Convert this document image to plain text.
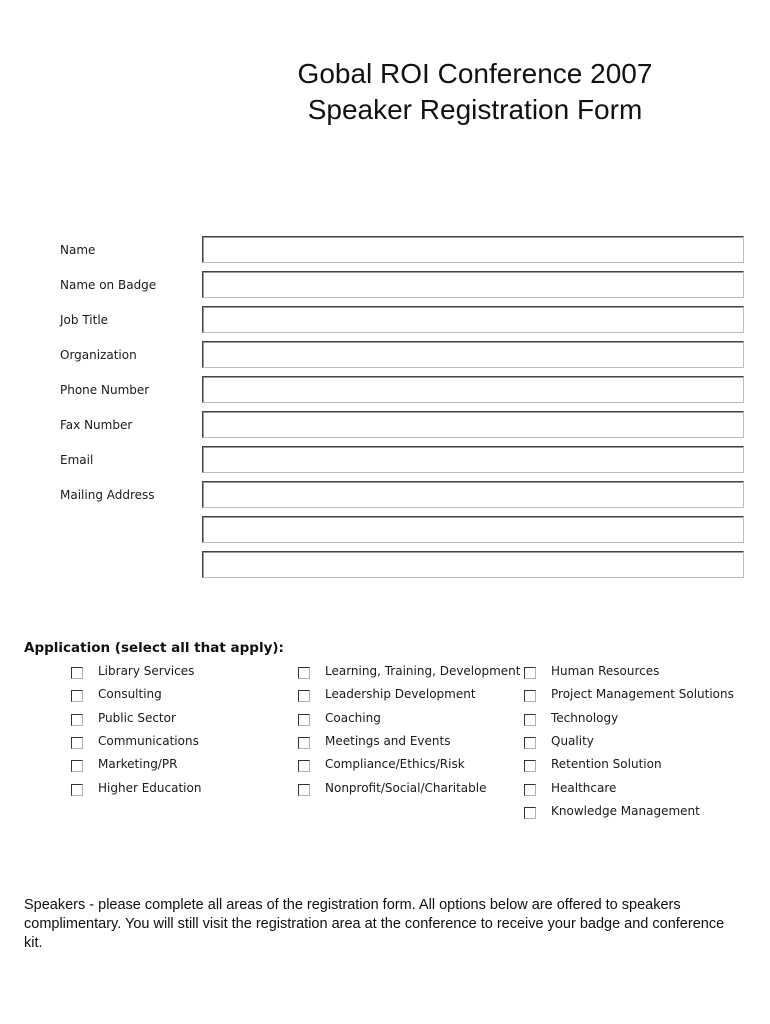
Gobal ROI Conference 2007
Speaker Registration Form
Name
Name on Badge
Job Title
Organization
Phone Number
Fax Number
Email
Mailing Address
Application (select all that apply):
Library Services
Consulting
Public Sector
Communications
Marketing/PR
Higher Education
Learning, Training, Development
Leadership Development
Coaching
Meetings and Events
Compliance/Ethics/Risk
Nonprofit/Social/Charitable
Human Resources
Project Management Solutions
Technology
Quality
Retention Solution
Healthcare
Knowledge Management
Speakers - please complete all areas of the registration form. All options below are offered to speakers complimentary. You will still visit the registration area at the conference to receive your badge and conference kit.
